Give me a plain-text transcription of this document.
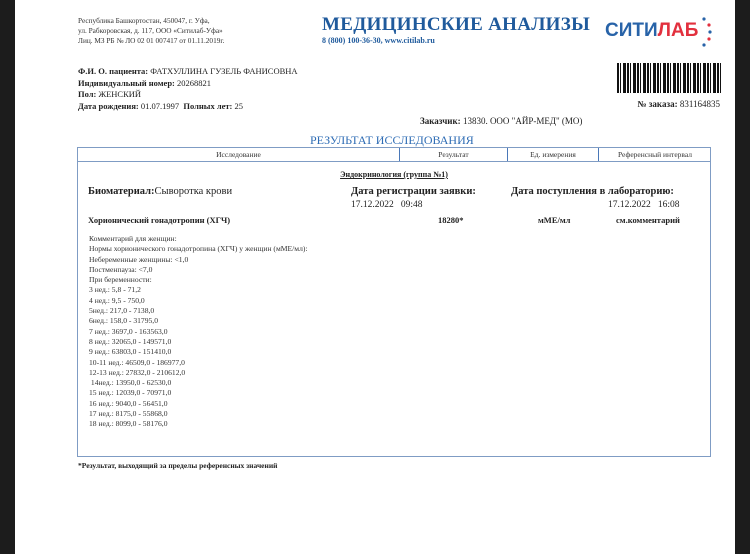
Республика Башкортостан, 450047, г. Уфа,
ул. Рабкоровская, д. 117, ООО «Ситилаб-Уфа»
Лиц. МЗ РБ № ЛО 02 01 007417 от 01.11.2019г.
МЕДИЦИНСКИЕ АНАЛИЗЫ
8 (800) 100-36-30, www.citilab.ru	СИТИЛАБ
Ф.И. О. пациента: ФАТХУЛЛИНА ГУЗЕЛЬ ФАНИСОВНА
Индивидуальный номер: 20268821
Пол: ЖЕНСКИЙ
Дата рождения: 01.07.1997 Полных лет: 25	№ заказа: 831164835
Заказчик: 13830. ООО "АЙР-МЕД" (МО)
РЕЗУЛЬТАТ ИССЛЕДОВАНИЯ
Исследование	Результат	Ед. измерения	Референсный интервал
Эндокринология (группа №1)
Биоматериал:Сыворотка крови	Дата регистрации заявки:
17.12.2022 09:48
Дата поступления в лабораторию:
17.12.2022 16:08
Хорионический гонадотропин (ХГЧ)	18280*	мМЕ/мл	см.комментарий
Комментарий для женщин:
Нормы хорионического гонадотропина (ХГЧ) у женщин (мМЕ/мл):
Небеременные женщины: <1,0
Постменпауза: <7,0
При беременности:
3 нед.: 5,8 - 71,2
4 нед.: 9,5 - 750,0
5нед.: 217,0 - 7138,0
6нед.: 158,0 - 31795,0
7 нед.: 3697,0 - 163563,0
8 нед.: 32065,0 - 149571,0
9 нед.: 63803,0 - 151410,0
10-11 нед.: 46509,0 - 186977,0
12-13 нед.: 27832,0 - 210612,0
14нед.: 13950,0 - 62530,0
15 нед.: 12039,0 - 70971,0
16 нед.: 9040,0 - 56451,0
17 нед.: 8175,0 - 55868,0
18 нед.: 8099,0 - 58176,0
*Результат, выходящий за пределы референсных значений
